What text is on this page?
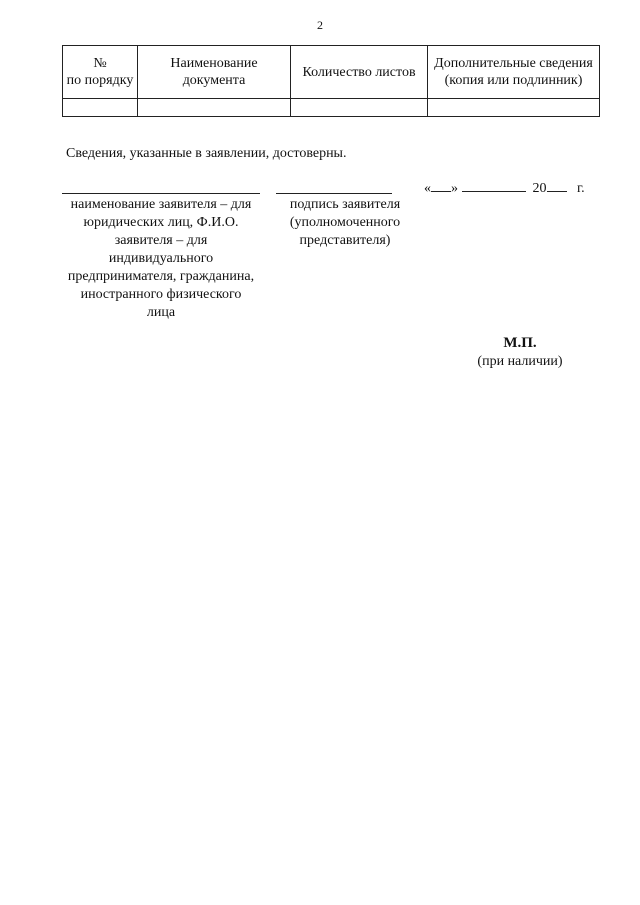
2
№
по порядку	Наименование документа	Количество листов	Дополнительные сведения (копия или подлинник)

Сведения, указанные в заявлении, достоверны.
наименование заявителя – для юридических лиц, Ф.И.О. заявителя – для индивидуального предпринимателя, гражданина, иностранного физического лица
подпись заявителя (уполномоченного представителя)
« »	20 г.
М.П.
(при наличии)
